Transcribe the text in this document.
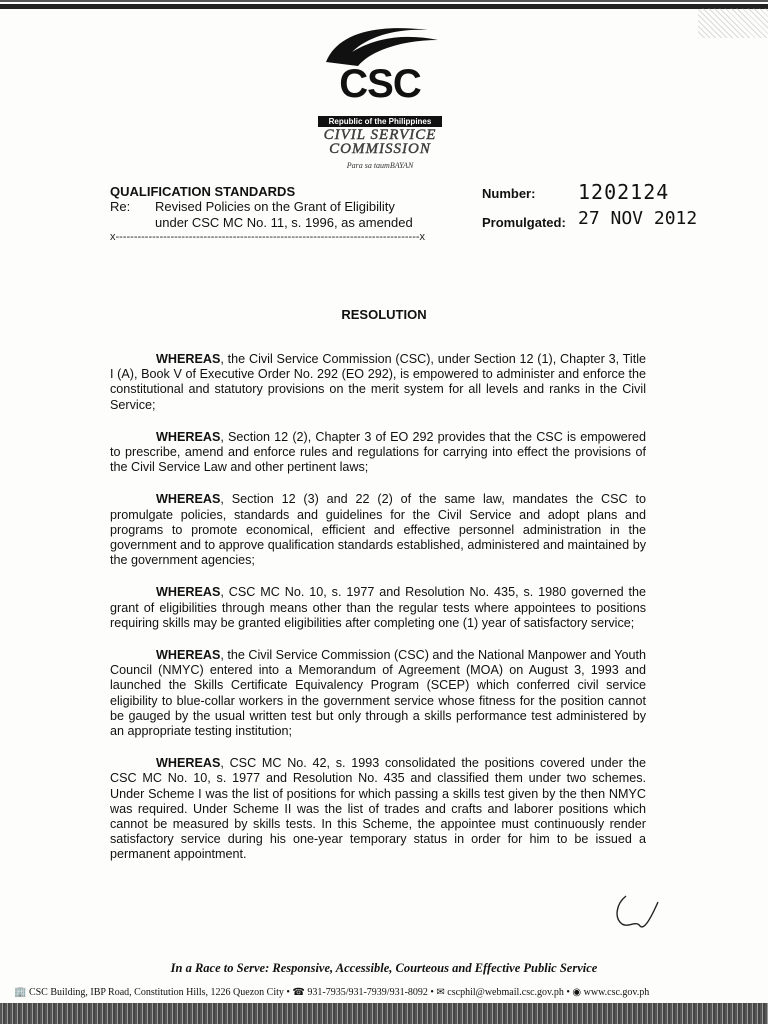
CSC
Republic of the Philippines
CIVIL SERVICE
COMMISSION
Para sa taumBAYAN
QUALIFICATION STANDARDS
Re: Revised Policies on the Grant of Eligibility
under CSC MC No. 11, s. 1996, as amended
x-----------------------------------------------------------------------------------x
Number: 1202124
Promulgated: 27 NOV 2012
RESOLUTION

WHEREAS, the Civil Service Commission (CSC), under Section 12 (1), Chapter 3, Title I (A), Book V of Executive Order No. 292 (EO 292), is empowered to administer and enforce the constitutional and statutory provisions on the merit system for all levels and ranks in the Civil Service;

WHEREAS, Section 12 (2), Chapter 3 of EO 292 provides that the CSC is empowered to prescribe, amend and enforce rules and regulations for carrying into effect the provisions of the Civil Service Law and other pertinent laws;

WHEREAS, Section 12 (3) and 22 (2) of the same law, mandates the CSC to promulgate policies, standards and guidelines for the Civil Service and adopt plans and programs to promote economical, efficient and effective personnel administration in the government and to approve qualification standards established, administered and maintained by the government agencies;

WHEREAS, CSC MC No. 10, s. 1977 and Resolution No. 435, s. 1980 governed the grant of eligibilities through means other than the regular tests where appointees to positions requiring skills may be granted eligibilities after completing one (1) year of satisfactory service;

WHEREAS, the Civil Service Commission (CSC) and the National Manpower and Youth Council (NMYC) entered into a Memorandum of Agreement (MOA) on August 3, 1993 and launched the Skills Certificate Equivalency Program (SCEP) which conferred civil service eligibility to blue-collar workers in the government service whose fitness for the position cannot be gauged by the usual written test but only through a skills performance test administered by an appropriate testing institution;

WHEREAS, CSC MC No. 42, s. 1993 consolidated the positions covered under the CSC MC No. 10, s. 1977 and Resolution No. 435 and classified them under two schemes. Under Scheme I was the list of positions for which passing a skills test given by the then NMYC was required. Under Scheme II was the list of trades and crafts and laborer positions which cannot be measured by skills tests. In this Scheme, the appointee must continuously render satisfactory service during his one-year temporary status in order for him to be issued a permanent appointment.

In a Race to Serve: Responsive, Accessible, Courteous and Effective Public Service
🏢 CSC Building, IBP Road, Constitution Hills, 1226 Quezon City • ☎ 931-7935/931-7939/931-8092 • ✉ cscphil@webmail.csc.gov.ph • ◉ www.csc.gov.ph
